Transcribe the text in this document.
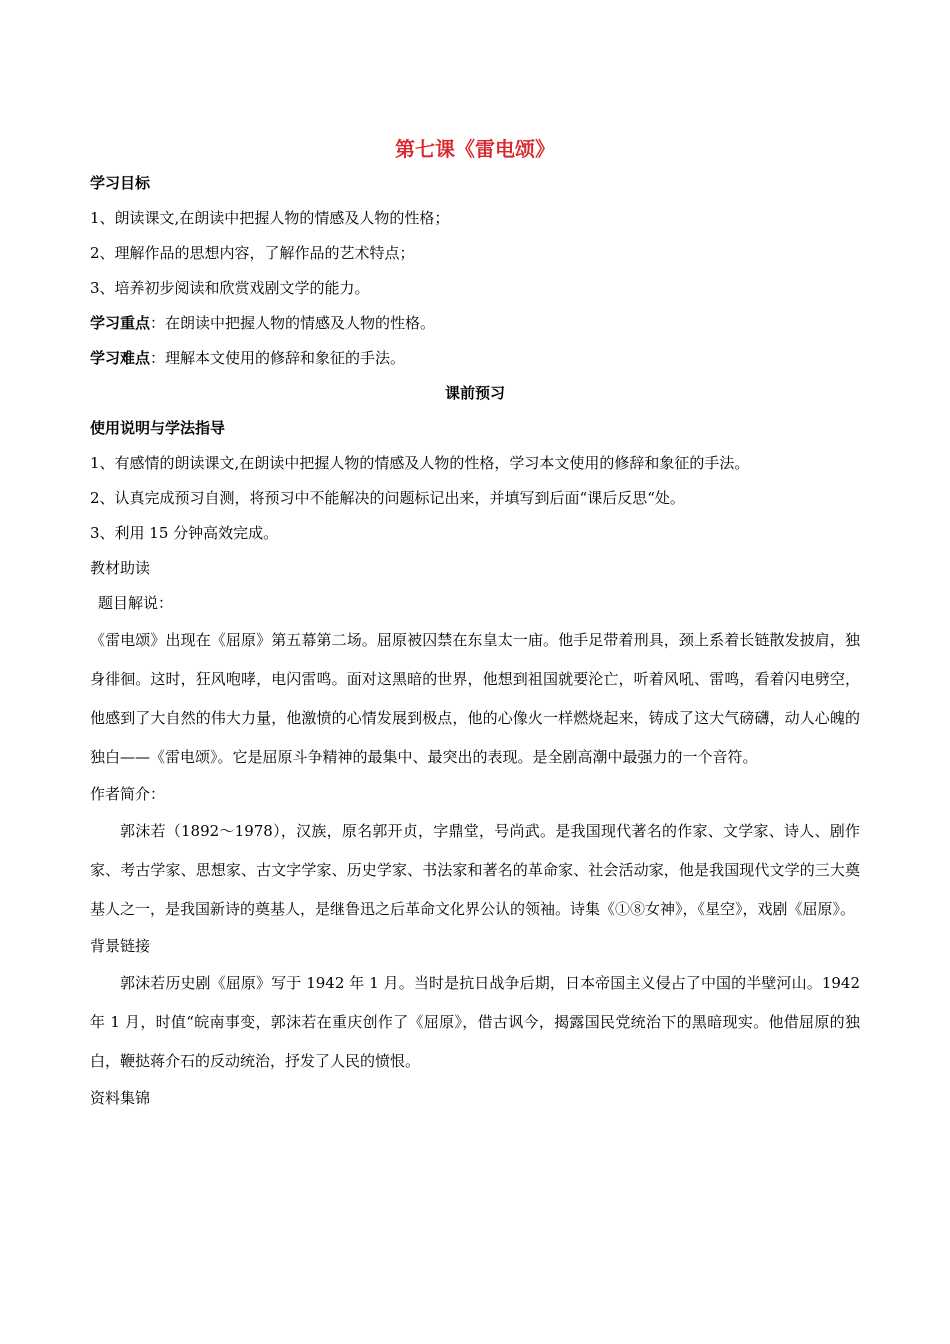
第七课《雷电颂》
学习目标
1、朗读课文,在朗读中把握人物的情感及人物的性格；
2、理解作品的思想内容，了解作品的艺术特点；
3、培养初步阅读和欣赏戏剧文学的能力。
学习重点：在朗读中把握人物的情感及人物的性格。
学习难点：理解本文使用的修辞和象征的手法。
课前预习
使用说明与学法指导
1、有感情的朗读课文,在朗读中把握人物的情感及人物的性格，学习本文使用的修辞和象征的手法。
2、认真完成预习自测，将预习中不能解决的问题标记出来，并填写到后面“课后反思“处。
3、利用 15 分钟高效完成。
教材助读
题目解说：
《雷电颂》出现在《屈原》第五幕第二场。屈原被囚禁在东皇太一庙。他手足带着刑具，颈上系着长链散发披肩，独身徘徊。这时，狂风咆哮，电闪雷鸣。面对这黑暗的世界，他想到祖国就要沦亡，听着风吼、雷鸣，看着闪电劈空，他感到了大自然的伟大力量，他激愤的心情发展到极点，他的心像火一样燃烧起来，铸成了这大气磅礴，动人心魄的独白——《雷电颂》。它是屈原斗争精神的最集中、最突出的表现。是全剧高潮中最强力的一个音符。
作者简介：
郭沫若（1892～1978），汉族，原名郭开贞，字鼎堂，号尚武。是我国现代著名的作家、文学家、诗人、剧作家、考古学家、思想家、古文字学家、历史学家、书法家和著名的革命家、社会活动家，他是我国现代文学的三大奠基人之一，是我国新诗的奠基人，是继鲁迅之后革命文化界公认的领袖。诗集《①⑧女神》，《星空》，戏剧《屈原》。
背景链接
郭沫若历史剧《屈原》写于 1942 年 1 月。当时是抗日战争后期，日本帝国主义侵占了中国的半壁河山。1942 年 1 月，时值“皖南事变，郭沫若在重庆创作了《屈原》，借古讽今，揭露国民党统治下的黑暗现实。他借屈原的独白，鞭挞蒋介石的反动统治，抒发了人民的愤恨。
资料集锦
